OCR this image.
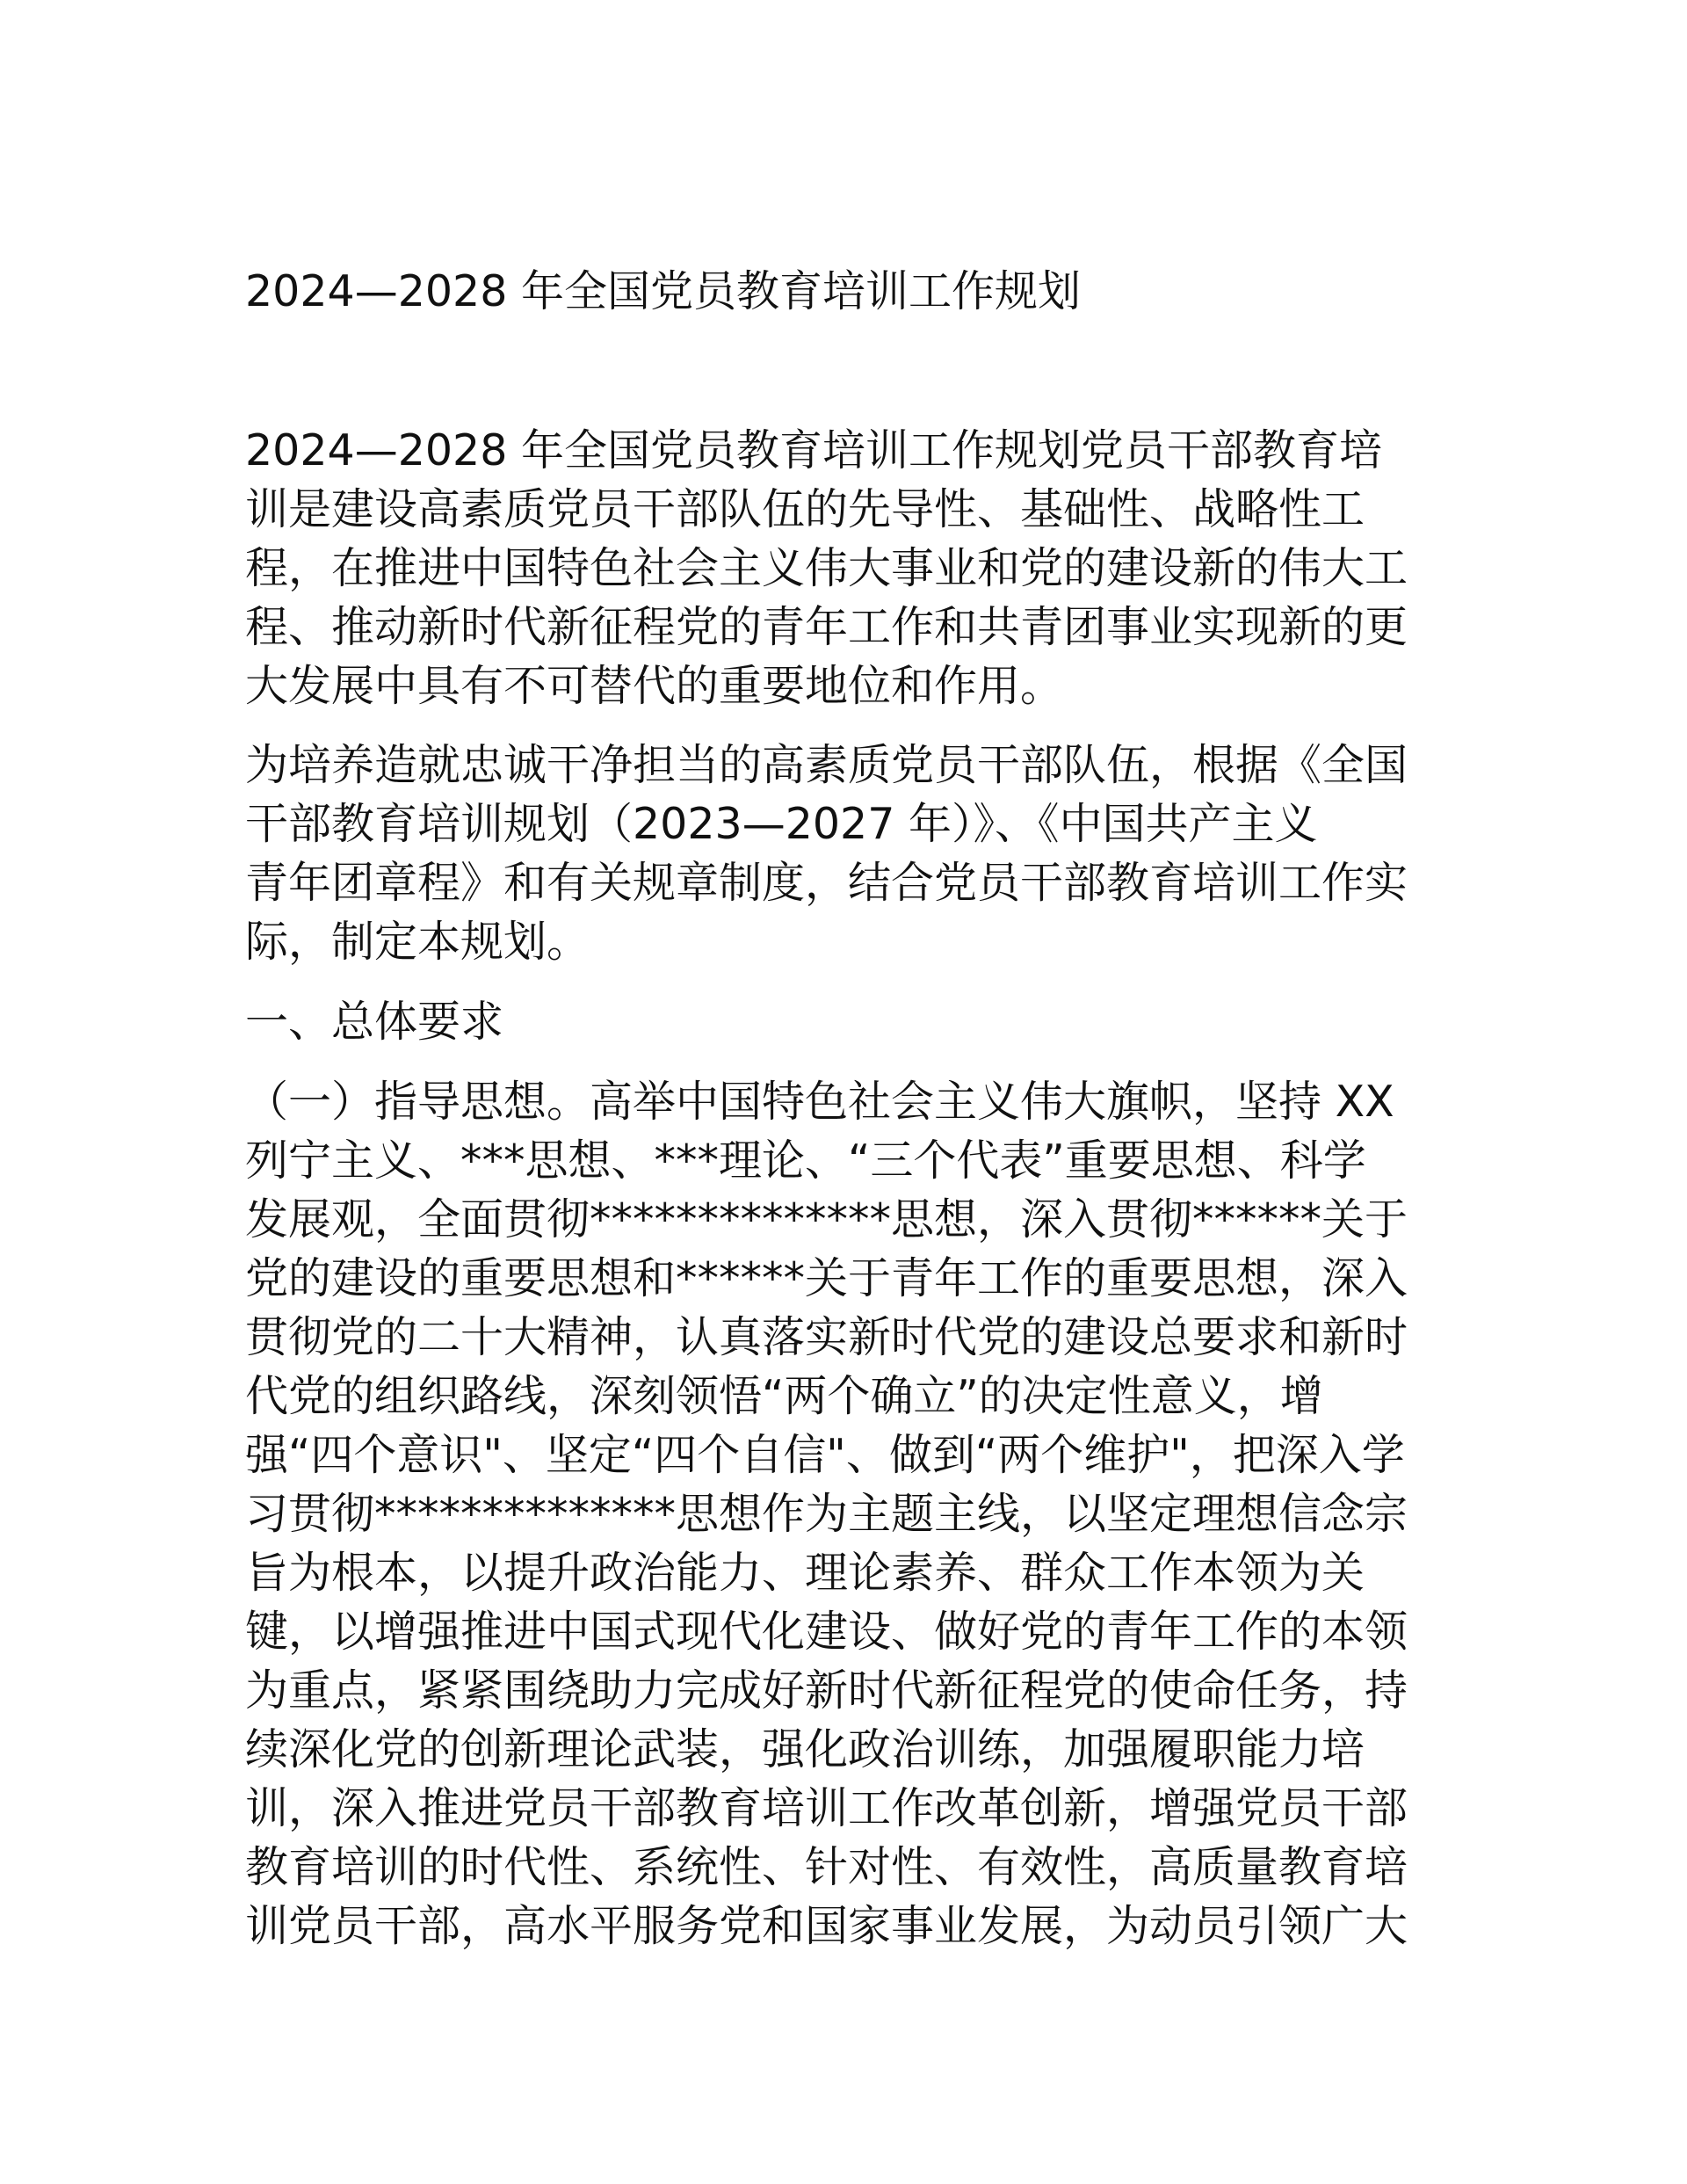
2024—2028 年全国党员教育培训工作规划

2024—2028 年全国党员教育培训工作规划党员干部教育培

训是建设高素质党员干部队伍的先导性、基础性、战略性工

程，在推进中国特色社会主义伟大事业和党的建设新的伟大工

程、推动新时代新征程党的青年工作和共青团事业实现新的更

大发展中具有不可替代的重要地位和作用。

为培养造就忠诚干净担当的高素质党员干部队伍，根据《全国

干部教育培训规划（2023—2027 年）》、《中国共产主义

青年团章程》和有关规章制度，结合党员干部教育培训工作实

际，制定本规划。

一、总体要求

（一）指导思想。高举中国特色社会主义伟大旗帜，坚持 XX

列宁主义、***思想、***理论、“三个代表”重要思想、科学

发展观，全面贯彻**************思想，深入贯彻******关于

党的建设的重要思想和******关于青年工作的重要思想，深入

贯彻党的二十大精神，认真落实新时代党的建设总要求和新时

代党的组织路线，深刻领悟“两个确立”的决定性意义，增

强“四个意识"、坚定“四个自信"、做到“两个维护"，把深入学

习贯彻**************思想作为主题主线，以坚定理想信念宗

旨为根本，以提升政治能力、理论素养、群众工作本领为关

键，以增强推进中国式现代化建设、做好党的青年工作的本领

为重点，紧紧围绕助力完成好新时代新征程党的使命任务，持

续深化党的创新理论武装，强化政治训练，加强履职能力培

训，深入推进党员干部教育培训工作改革创新，增强党员干部

教育培训的时代性、系统性、针对性、有效性，高质量教育培

训党员干部，高水平服务党和国家事业发展，为动员引领广大
